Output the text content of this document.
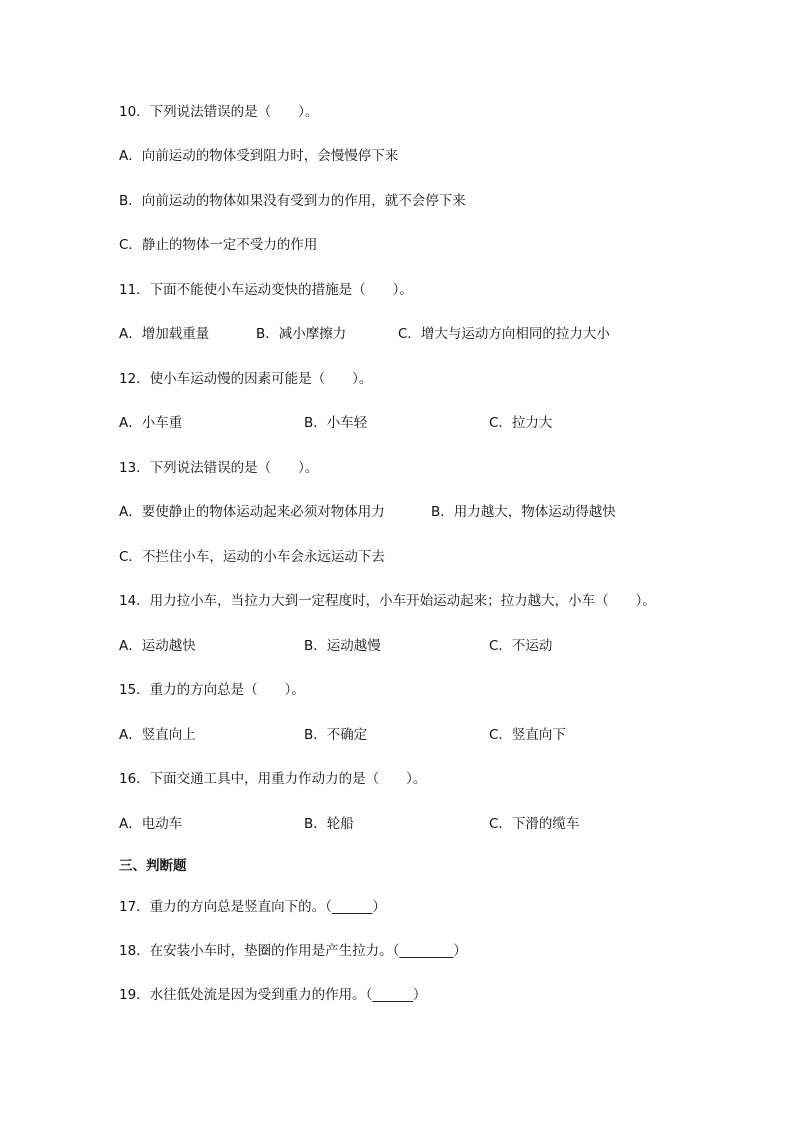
10．下列说法错误的是（　　）。
A．向前运动的物体受到阻力时，会慢慢停下来
B．向前运动的物体如果没有受到力的作用，就不会停下来
C．静止的物体一定不受力的作用
11．下面不能使小车运动变快的措施是（　　）。
A．增加载重量	B．减小摩擦力	C．增大与运动方向相同的拉力大小
12．使小车运动慢的因素可能是（　　）。
A．小车重	B．小车轻	C．拉力大
13．下列说法错误的是（　　）。
A．要使静止的物体运动起来必须对物体用力	B．用力越大，物体运动得越快
C．不拦住小车，运动的小车会永远运动下去
14．用力拉小车，当拉力大到一定程度时，小车开始运动起来；拉力越大，小车（　　）。
A．运动越快	B．运动越慢	C．不运动
15．重力的方向总是（　　）。
A．竖直向上	B．不确定	C．竖直向下
16．下面交通工具中，用重力作动力的是（　　）。
A．电动车	B．轮船	C．下滑的缆车
三、判断题
17．重力的方向总是竖直向下的。（______）
18．在安装小车时，垫圈的作用是产生拉力。（________）
19．水往低处流是因为受到重力的作用。（______）
